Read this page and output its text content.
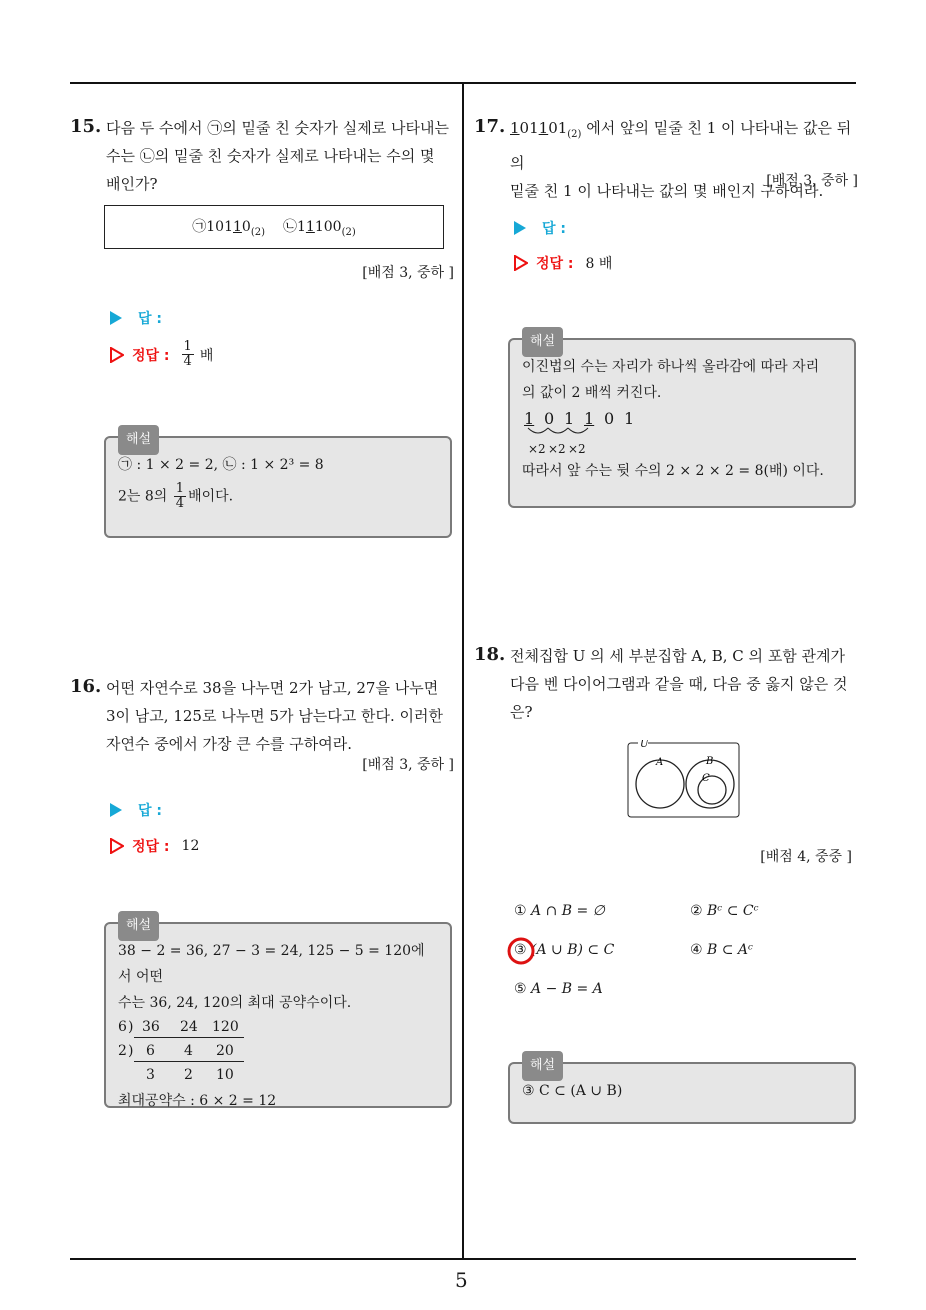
5
15. 다음 두 수에서 ㉠의 밑줄 친 숫자가 실제로 나타내는
수는 ㉡의 밑줄 친 숫자가 실제로 나타내는 수의 몇
배인가?
$㉠10110_{(2)}$ $㉡11100_{(2)}$
[배점 3, 중하 ]
답 :
정답 : $\frac{1}{4}$ 배
해설
㉠ : 1 × 2 = 2, ㉡ : 1 × 2³ = 8
2는 8의 $\frac{1}{4}$ 배이다.
16. 어떤 자연수로 38을 나누면 2가 남고, 27을 나누면
3이 남고, 125로 나누면 5가 남는다고 한다. 이러한
자연수 중에서 가장 큰 수를 구하여라.
[배점 3, 중하 ]
답 :
정답 : 12
해설
38 − 2 = 36, 27 − 3 = 24, 125 − 5 = 120에서 어떤
수는 36, 24, 120의 최대 공약수이다.
6 ) 36 24 120
2 ) 6 4 20
3 2 10
최대공약수 : 6 × 2 = 12
17. $101101_{(2)}$ 에서 앞의 밑줄 친 1 이 나타내는 값은 뒤의
밑줄 친 1 이 나타내는 값의 몇 배인지 구하여라.
[배점 3, 중하 ]
답 :
정답 : 8 배
해설
이진법의 수는 자리가 하나씩 올라감에 따라 자리
의 값이 2 배씩 커진다.
1 0 1 1 0 1
×2 ×2 ×2
따라서 앞 수는 뒷 수의 2 × 2 × 2 = 8(배) 이다.
18. 전체집합 U 의 세 부분집합 A, B, C 의 포함 관계가
다음 벤 다이어그램과 같을 때, 다음 중 옳지 않은 것
은?
U
A	B
C
[배점 4, 중중 ]
① A ∩ B = ∅	② Bᶜ ⊂ Cᶜ
③ (A ∪ B) ⊂ C	④ B ⊂ Aᶜ
⑤ A − B = A
해설
③ C ⊂ (A ∪ B)
